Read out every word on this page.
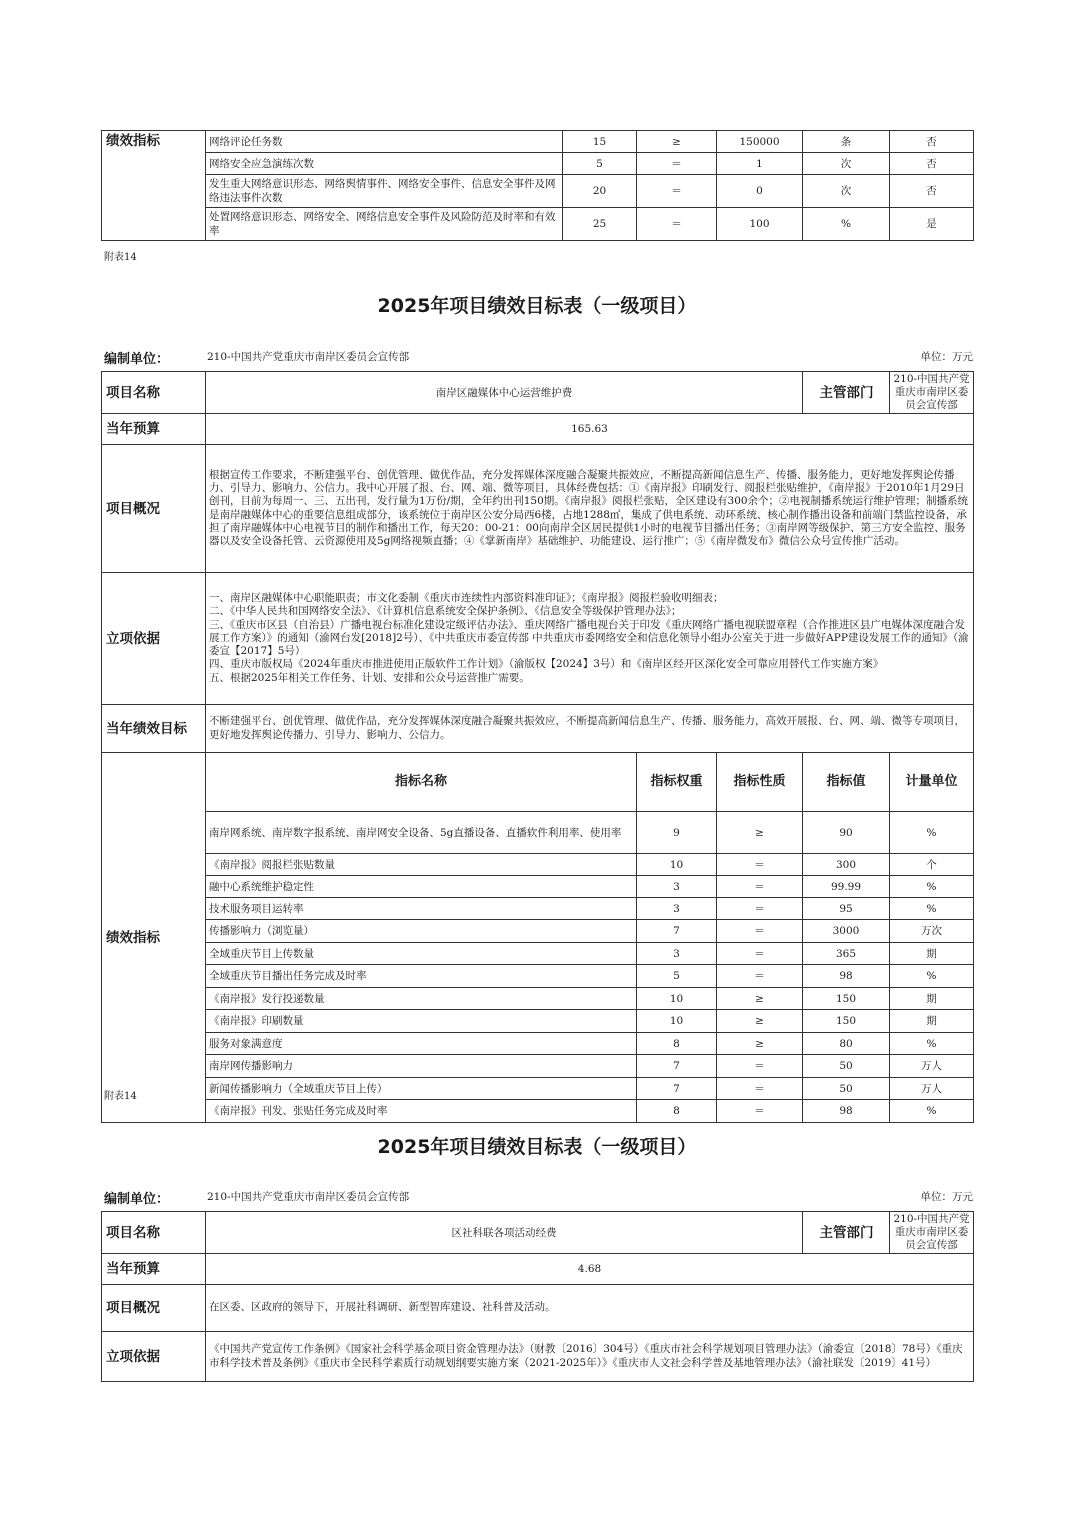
绩效指标	网络评论任务数	15	≥	150000	条	否
	网络安全应急演练次数	5	＝	1	次	否
	发生重大网络意识形态、网络舆情事件、网络安全事件、信息安全事件及网络违法事件次数	20	＝	0	次	否
	处置网络意识形态、网络安全、网络信息安全事件及风险防范及时率和有效率	25	＝	100	%	是
附表14
2025年项目绩效目标表（一级项目）
编制单位：	210-中国共产党重庆市南岸区委员会宣传部	单位：万元
项目名称	南岸区融媒体中心运营维护费			主管部门	210-中国共产党重庆市南岸区委员会宣传部	
当年预算	165.63					
项目概况	根据宣传工作要求，不断建强平台、创优管理、做优作品，充分发挥媒体深度融合凝聚共振效应，不断提高新闻信息生产、传播、服务能力，更好地发挥舆论传播力、引导力、影响力、公信力。我中心开展了报、台、网、端、微等项目，具体经费包括：①《南岸报》印刷发行、阅报栏张贴维护，《南岸报》于2010年1月29日创刊，目前为每周一、三、五出刊，发行量为1万份/期，全年约出刊150期。《南岸报》阅报栏张贴，全区建设有300余个；②电视制播系统运行维护管理；制播系统是南岸融媒体中心的重要信息组成部分，该系统位于南岸区公安分局西6楼，占地1288㎡，集成了供电系统、动环系统、核心制作播出设备和前端门禁监控设备，承担了南岸融媒体中心电视节目的制作和播出工作，每天20：00-21：00向南岸全区居民提供1小时的电视节目播出任务；③南岸网等级保护、第三方安全监控、服务器以及安全设备托管、云资源使用及5g网络视频直播；④《掌新南岸》基础维护、功能建设、运行推广；⑤《南岸微发布》微信公众号宣传推广活动。					
立项依据	一、南岸区融媒体中心职能职责；市文化委制《重庆市连续性内部资料准印证》；《南岸报》阅报栏验收明细表；
二、《中华人民共和国网络安全法》、《计算机信息系统安全保护条例》、《信息安全等级保护管理办法》；
三、《重庆市区县（自治县）广播电视台标准化建设定级评估办法》、重庆网络广播电视台关于印发《重庆网络广播电视联盟章程（合作推进区县广电媒体深度融合发展工作方案）》的通知（渝网台发[2018]2号）、《中共重庆市委宣传部 中共重庆市委网络安全和信息化领导小组办公室关于进一步做好APP建设发展工作的通知》（渝委宣【2017】5号）
四、重庆市版权局《2024年重庆市推进使用正版软件工作计划》（渝版权【2024】3号）和《南岸区经开区深化安全可靠应用替代工作实施方案》
五、根据2025年相关工作任务、计划、安排和公众号运营推广需要。					

当年绩效目标	不断建强平台、创优管理、做优作品，充分发挥媒体深度融合凝聚共振效应，不断提高新闻信息生产、传播、服务能力，高效开展报、台、网、端、微等专项项目，更好地发挥舆论传播力、引导力、影响力、公信力。					
绩效指标	指标名称	指标权重	指标性质	指标值	计量单位	
	南岸网系统、南岸数字报系统、南岸网安全设备、5g直播设备、直播软件利用率、使用率	9	≥	90	%	
	《南岸报》阅报栏张贴数量	10	＝	300	个	
	融中心系统维护稳定性	3	＝	99.99	%	
	技术服务项目运转率	3	＝	95	%	
	传播影响力（浏览量）	7	＝	3000	万次	
	全域重庆节目上传数量	3	＝	365	期	
	全域重庆节目播出任务完成及时率	5	＝	98	%	
	《南岸报》发行投递数量	10	≥	150	期	
	《南岸报》印刷数量	10	≥	150	期	
	服务对象满意度	8	≥	80	%	
	南岸网传播影响力	7	＝	50	万人	
	新闻传播影响力（全域重庆节目上传）	7	＝	50	万人	
	《南岸报》刊发、张贴任务完成及时率	8	＝	98	%	
附表14
2025年项目绩效目标表（一级项目）
编制单位：	210-中国共产党重庆市南岸区委员会宣传部	单位：万元
项目名称	区社科联各项活动经费	主管部门	210-中国共产党重庆市南岸区委员会宣传部
当年预算	4.68		
项目概况	在区委、区政府的领导下，开展社科调研、新型智库建设、社科普及活动。		
立项依据	《中国共产党宣传工作条例》《国家社会科学基金项目资金管理办法》（财教〔2016〕304号）《重庆市社会科学规划项目管理办法》（渝委宣〔2018〕78号）《重庆市科学技术普及条例》《重庆市全民科学素质行动规划纲要实施方案（2021-2025年）》《重庆市人文社会科学普及基地管理办法》（渝社联发〔2019〕41号）		
